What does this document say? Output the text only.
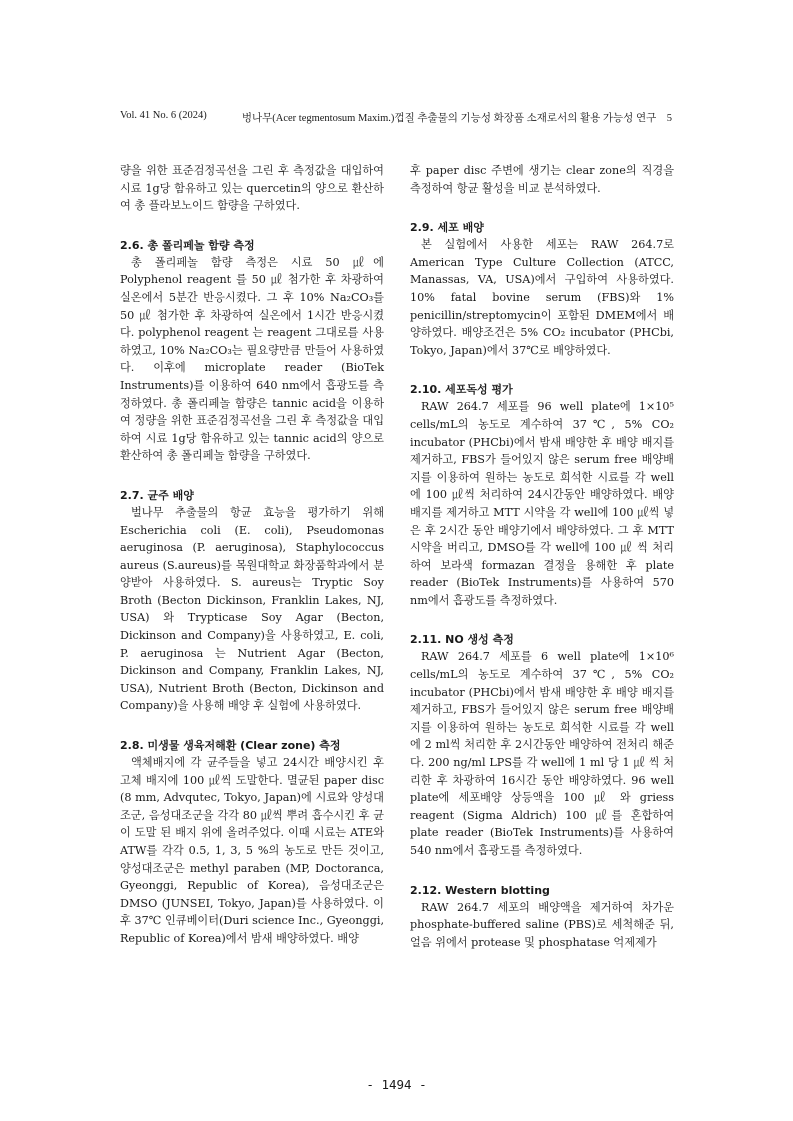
Vol. 41 No. 6 (2024)	벙나무(Acer tegmentosum Maxim.)껍질 추출물의 기능성 화장품 소재로서의 활용 가능성 연구 5

량을 위한 표준검정곡선을 그린 후 측정값을 대입하여 시료 1g당 함유하고 있는 quercetin의 양으로 환산하여 총 플라보노이드 함량을 구하였다.

2.6. 총 폴리페놀 함량 측정

총 폴리페놀 함량 측정은 시료 50 ㎕에 Polyphenol reagent 를 50 ㎕ 첨가한 후 차광하여 실온에서 5분간 반응시켰다. 그 후 10% Na₂CO₃를 50 ㎕ 첨가한 후 차광하여 실온에서 1시간 반응시켰다. polyphenol reagent 는 reagent 그대로를 사용하였고, 10% Na₂CO₃는 필요량만큼 만들어 사용하였다. 이후에 microplate reader (BioTek Instruments)를 이용하여 640 nm에서 흡광도를 측정하였다. 총 폴리페놀 함량은 tannic acid을 이용하여 정량을 위한 표준검정곡선을 그린 후 측정값을 대입하여 시료 1g당 함유하고 있는 tannic acid의 양으로 환산하여 총 폴리페놀 함량을 구하였다.

2.7. 균주 배양

벌나무 추출물의 항균 효능을 평가하기 위해 Escherichia coli (E. coli), Pseudomonas aeruginosa (P. aeruginosa), Staphylococcus aureus (S.aureus)를 목원대학교 화장품학과에서 분양받아 사용하였다. S. aureus는 Tryptic Soy Broth (Becton Dickinson, Franklin Lakes, NJ, USA) 와 Trypticase Soy Agar (Becton, Dickinson and Company)을 사용하였고, E. coli, P. aeruginosa 는 Nutrient Agar (Becton, Dickinson and Company, Franklin Lakes, NJ, USA), Nutrient Broth (Becton, Dickinson and Company)을 사용해 배양 후 실험에 사용하였다.

2.8. 미생물 생육저해환 (Clear zone) 측정

액체배지에 각 균주들을 넣고 24시간 배양시킨 후 고체 배지에 100 ㎕씩 도말한다. 멸균된 paper disc (8 mm, Advqutec, Tokyo, Japan)에 시료와 양성대조군, 음성대조군을 각각 80 ㎕씩 뿌려 흡수시킨 후 균이 도말 된 배지 위에 올려주었다. 이때 시료는 ATE와 ATW를 각각 0.5, 1, 3, 5 %의 농도로 만든 것이고, 양성대조군은 methyl paraben (MP, Doctoranca, Gyeonggi, Republic of Korea), 음성대조군은 DMSO (JUNSEI, Tokyo, Japan)를 사용하였다. 이후 37℃ 인큐베이터(Duri science Inc., Gyeonggi, Republic of Korea)에서 밤새 배양하였다. 배양

후 paper disc 주변에 생기는 clear zone의 직경을 측정하여 항균 활성을 비교 분석하였다.

2.9. 세포 배양

본 실험에서 사용한 세포는 RAW 264.7로 American Type Culture Collection (ATCC, Manassas, VA, USA)에서 구입하여 사용하였다. 10% fatal bovine serum (FBS)와 1% penicillin/streptomycin이 포함된 DMEM에서 배양하였다. 배양조건은 5% CO₂ incubator (PHCbi, Tokyo, Japan)에서 37℃로 배양하였다.

2.10. 세포독성 평가

RAW 264.7 세포를 96 well plate에 1×10⁵ cells/mL의 농도로 계수하여 37℃, 5% CO₂ incubator (PHCbi)에서 밤새 배양한 후 배양 배지를 제거하고, FBS가 들어있지 않은 serum free 배양배지를 이용하여 원하는 농도로 희석한 시료를 각 well에 100 ㎕씩 처리하여 24시간동안 배양하였다. 배양 배지를 제거하고 MTT 시약을 각 well에 100 ㎕씩 넣은 후 2시간 동안 배양기에서 배양하였다. 그 후 MTT 시약을 버리고, DMSO를 각 well에 100 ㎕ 씩 처리하여 보라색 formazan 결정을 용해한 후 plate reader (BioTek Instruments)를 사용하여 570 nm에서 흡광도를 측정하였다.

2.11. NO 생성 측정

RAW 264.7 세포를 6 well plate에 1×10⁶ cells/mL의 농도로 계수하여 37℃, 5% CO₂ incubator (PHCbi)에서 밤새 배양한 후 배양 배지를 제거하고, FBS가 들어있지 않은 serum free 배양배지를 이용하여 원하는 농도로 희석한 시료를 각 well에 2 ml씩 처리한 후 2시간동안 배양하여 전처리 해준다. 200 ng/ml LPS를 각 well에 1 ml 당 1 ㎕ 씩 처리한 후 차광하여 16시간 동안 배양하였다. 96 well plate에 세포배양 상등액을 100 ㎕ 와 griess reagent (Sigma Aldrich) 100 ㎕를 혼합하여 plate reader (BioTek Instruments)를 사용하여 540 nm에서 흡광도를 측정하였다.

2.12. Western blotting

RAW 264.7 세포의 배양액을 제거하여 차가운 phosphate-buffered saline (PBS)로 세척해준 뒤, 얼음 위에서 protease 및 phosphatase 억제제가

- 1494 -
